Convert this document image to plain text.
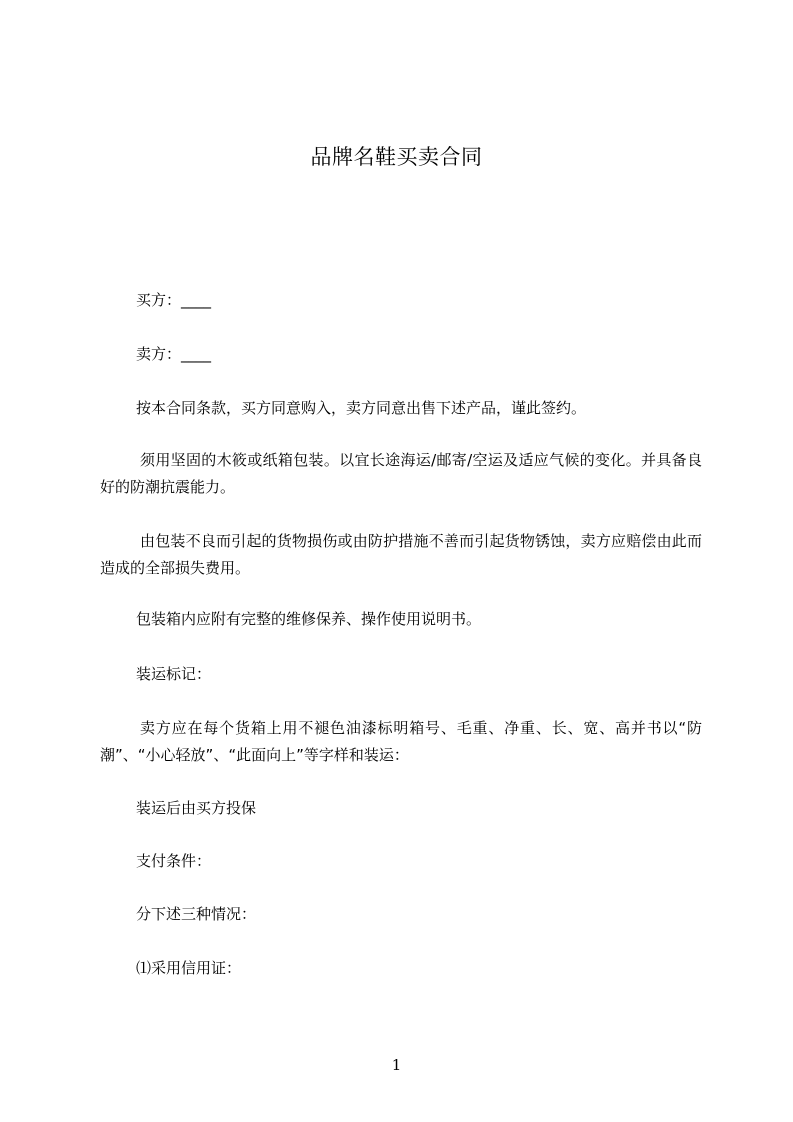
品牌名鞋买卖合同
买方：____
卖方：____
按本合同条款，买方同意购入，卖方同意出售下述产品，谨此签约。
须用坚固的木筱或纸箱包装。以宜长途海运/邮寄/空运及适应气候的变化。并具备良好的防潮抗震能力。
由包装不良而引起的货物损伤或由防护措施不善而引起货物锈蚀，卖方应赔偿由此而造成的全部损失费用。
包装箱内应附有完整的维修保养、操作使用说明书。
装运标记：
卖方应在每个货箱上用不褪色油漆标明箱号、毛重、净重、长、宽、高并书以“防潮”、“小心轻放”、“此面向上”等字样和装运：
装运后由买方投保
支付条件：
分下述三种情况：
⑴采用信用证：
1
